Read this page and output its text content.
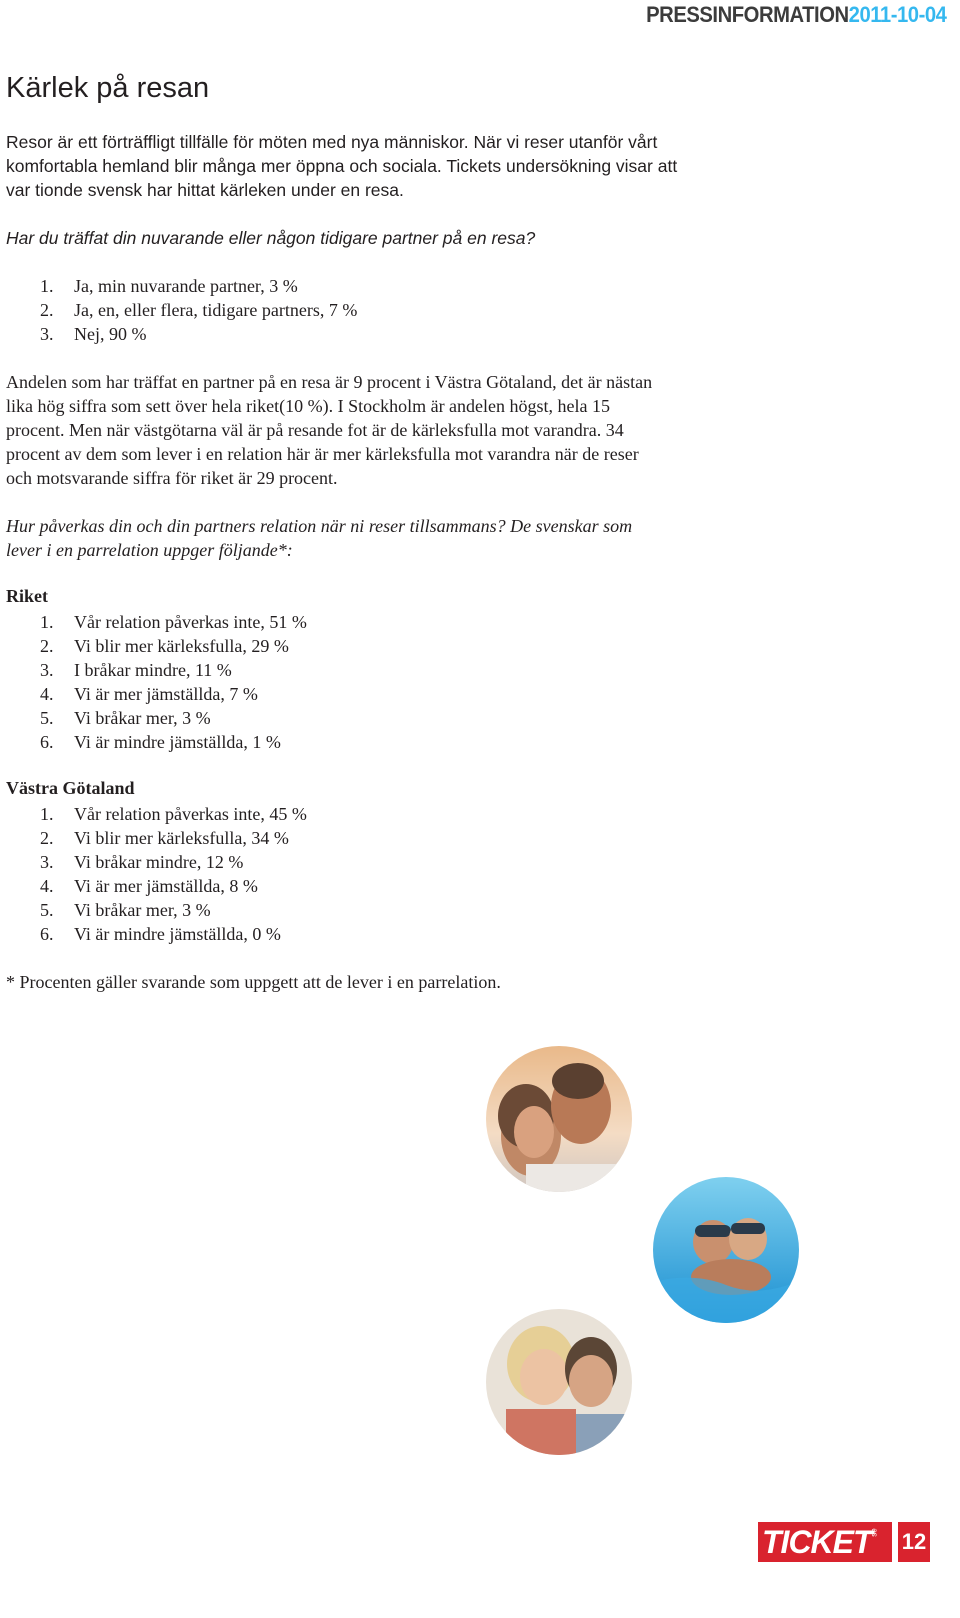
PRESSINFORMATION2011-10-04
Kärlek på resan

Resor är ett förträffligt tillfälle för möten med nya människor. När vi reser utanför vårt komfortabla hemland blir många mer öppna och sociala. Tickets undersökning visar att var tionde svensk har hittat kärleken under en resa.

Har du träffat din nuvarande eller någon tidigare partner på en resa?

1.	Ja, min nuvarande partner, 3 %
2.	Ja, en, eller flera, tidigare partners, 7 %
3.	Nej, 90 %

Andelen som har träffat en partner på en resa är 9 procent i Västra Götaland, det är nästan lika hög siffra som sett över hela riket(10 %). I Stockholm är andelen högst, hela 15 procent. Men när västgötarna väl är på resande fot är de kärleksfulla mot varandra. 34 procent av dem som lever i en relation här är mer kärleksfulla mot varandra när de reser och motsvarande siffra för riket är 29 procent.

Hur påverkas din och din partners relation när ni reser tillsammans? De svenskar som lever i en parrelation uppger följande*:

Riket
1.	Vår relation påverkas inte, 51 %
2.	Vi blir mer kärleksfulla, 29 %
3.	I bråkar mindre, 11 %
4.	Vi är mer jämställda, 7 %
5.	Vi bråkar mer, 3 %
6.	Vi är mindre jämställda, 1 %
Västra Götaland
1.	Vår relation påverkas inte, 45 %
2.	Vi blir mer kärleksfulla, 34 %
3.	Vi bråkar mindre, 12 %
4.	Vi är mer jämställda, 8 %
5.	Vi bråkar mer, 3 %
6.	Vi är mindre jämställda, 0 %

* Procenten gäller svarande som uppgett att de lever i en parrelation.

TICKET
se 12
